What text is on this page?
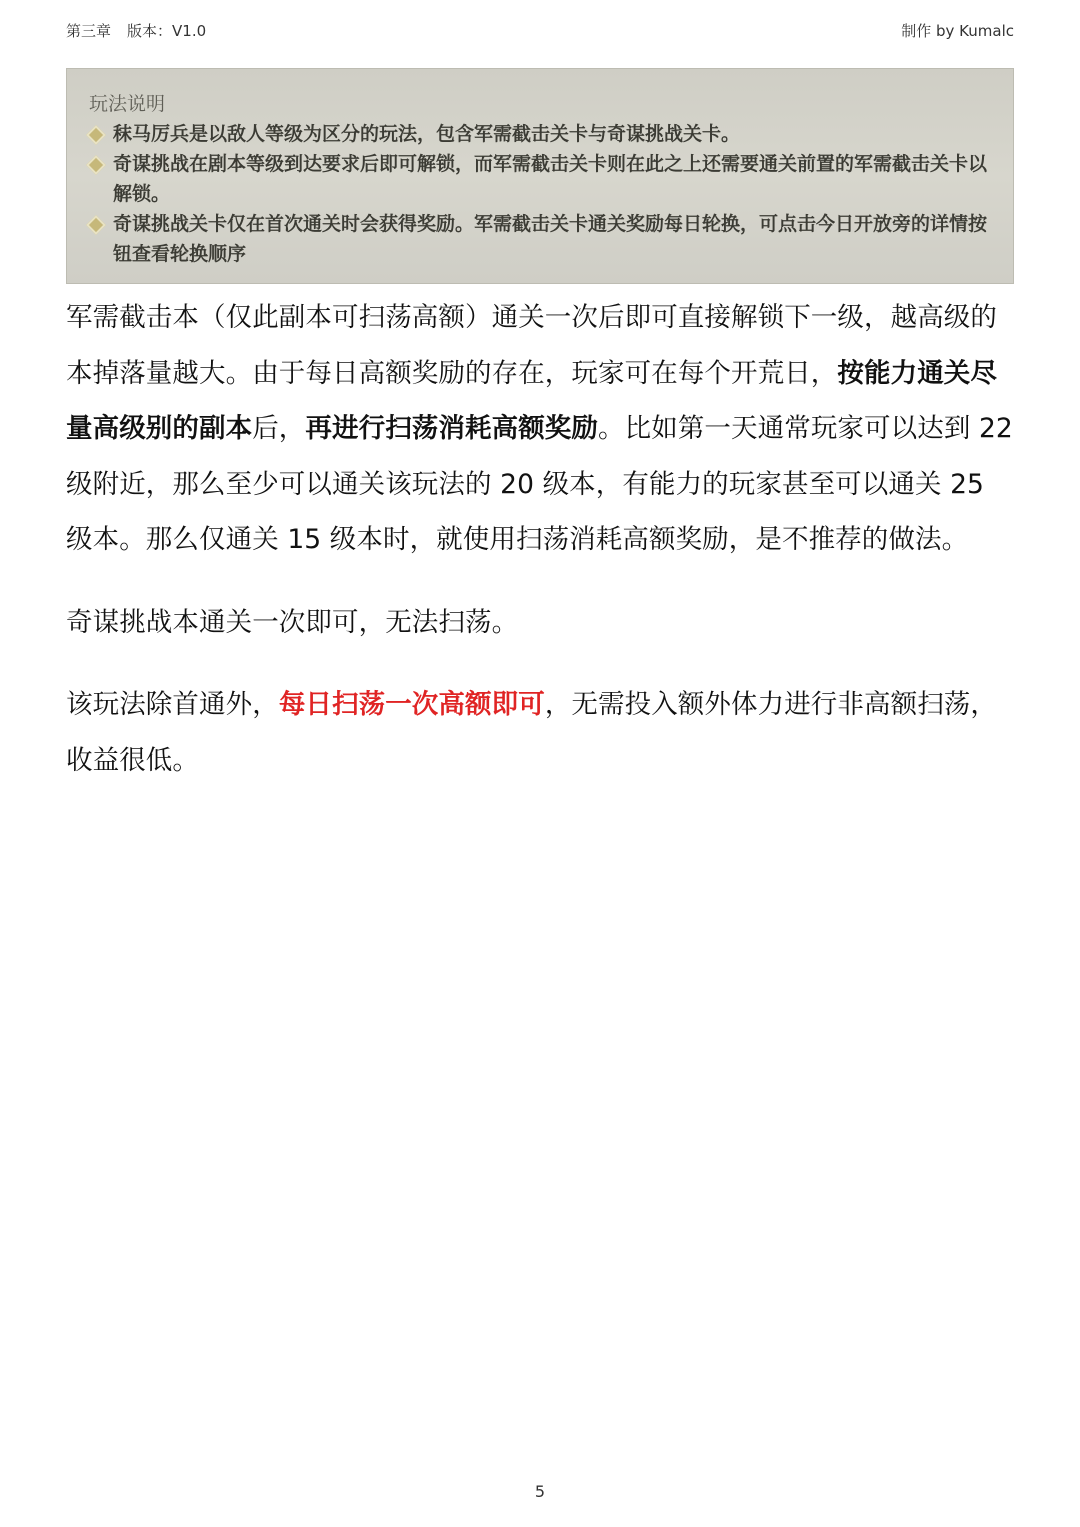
第三章 版本：V1.0	制作 by Kumalc
玩法说明
秣马厉兵是以敌人等级为区分的玩法，包含军需截击关卡与奇谋挑战关卡。
奇谋挑战在剧本等级到达要求后即可解锁，而军需截击关卡则在此之上还需要通关前置的军需截击关卡以解锁。
奇谋挑战关卡仅在首次通关时会获得奖励。军需截击关卡通关奖励每日轮换，可点击今日开放旁的详情按钮查看轮换顺序

军需截击本（仅此副本可扫荡高额）通关一次后即可直接解锁下一级，越高级的本掉落量越大。由于每日高额奖励的存在，玩家可在每个开荒日，按能力通关尽量高级别的副本后，再进行扫荡消耗高额奖励。比如第一天通常玩家可以达到 22 级附近，那么至少可以通关该玩法的 20 级本，有能力的玩家甚至可以通关 25 级本。那么仅通关 15 级本时，就使用扫荡消耗高额奖励，是不推荐的做法。

奇谋挑战本通关一次即可，无法扫荡。

该玩法除首通外，每日扫荡一次高额即可，无需投入额外体力进行非高额扫荡，收益很低。

5
